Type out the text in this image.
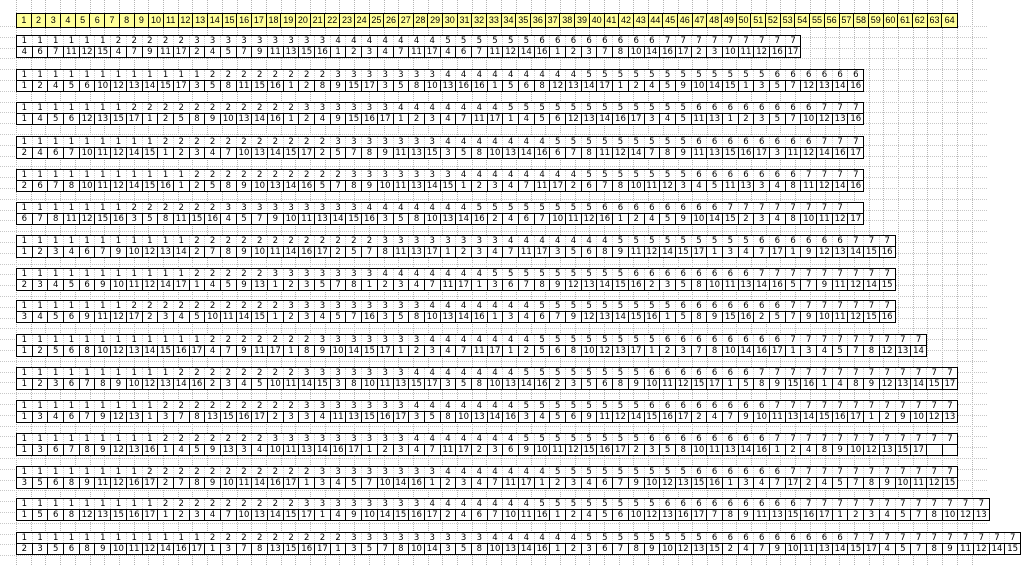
1	2	3	4	5	6	7	8	9 10 11 12 13 14 15 16 17 18 19 20 21 22 23 24 25 26 27 28 29 30 31 32 33 34 35 36 37 38 39 40 41 42 43 44 45 46 47 48 49 50 51 52 53 54 55 56 57 58 59 60 61 62 63 64
1	1	1	1	1	1	2	2	2	2	2	3	3	3	3	3	3	3	3	3	4	4	4	4	4	4	4	5	5	5	5	5	5	6	6	6	6	6	6	6	6	7	7	7	7	7	7	7	7	7
4	6	7	11	12	15	4	7	9	11	17	2	4	5	7	9	11	13	15	16	1	2	3	4	7	11	17	4	6	7	11	12	14	16	1	2	3	7	8	10	14	16	17	2	3	10	11	12	16	17
1	1	1	1	1	1	1	1	1	1	1	1	2	2	2	2	2	2	2	2	3	3	3	3	3	3	3	4	4	4	4	4	4	4	4	4	5	5	5	5	5	5	5	5	5	5	5	5	6	6	6	6	6	6
1	2	4	5	6	10	12	13	14	15	17	3	5	8	11	15	16	1	2	8	9	15	17	3	5	8	10	13	16	16	1	5	6	8	12	13	14	17	1	2	4	5	9	10	14	15	1	3	5	7	12	13	14	16
1	1	1	1	1	1	1	2	2	2	2	2	2	2	2	2	2	2	3	3	3	3	3	3	4	4	4	4	4	4	4	5	5	5	5	5	5	5	5	5	5	5	5	6	6	6	6	6	6	6	6	7	7	7
1	4	5	6	12	13	15	17	1	2	5	8	9	10	13	14	16	1	2	4	9	15	16	17	1	2	3	4	7	11	17	1	4	5	6	12	13	14	16	17	3	4	5	11	13	1	2	3	5	7	10	12	13	16
1	1	1	1	1	1	1	1	1	2	2	2	2	2	2	2	2	2	2	2	3	3	3	3	3	3	3	4	4	4	4	4	4	4	5	5	5	5	5	5	5	5	5	6	6	6	6	6	6	6	6	7	7	7
2	4	6	7	10	11	12	14	15	1	2	3	4	7	10	13	14	15	17	2	5	7	8	9	11	13	15	3	5	8	10	13	14	16	6	7	8	11	12	14	7	8	9	11	13	15	16	17	3	11	12	14	16	17
1	1	1	1	1	1	1	1	1	1	1	2	2	2	2	2	2	2	2	2	2	3	3	3	3	3	3	3	4	4	4	4	4	4	4	4	5	5	5	5	5	5	5	6	6	6	6	6	6	6	7	7	7	7
2	6	7	8	10	11	12	14	15	16	1	2	5	8	9	10	13	14	16	5	7	8	9	10	11	13	14	15	1	2	3	4	7	11	17	2	6	7	8	10	11	12	3	4	5	11	13	3	4	8	11	12	14	16
1	1	1	1	1	1	1	2	2	2	2	2	2	3	3	3	3	3	3	3	3	3	4	4	4	4	4	4	4	5	5	5	5	5	5	5	5	6	6	6	6	6	6	6	6	7	7	7	7	7	7	7	7	
6	7	8	11	12	15	16	3	5	8	11	15	16	4	5	7	9	10	11	13	14	15	16	3	5	8	10	13	14	16	2	4	6	7	10	11	12	16	1	2	4	5	9	10	14	15	2	3	4	8	10	11	12	17
1	1	1	1	1	1	1	1	1	1	1	2	2	2	2	2	2	2	2	2	2	2	2	3	3	3	3	3	3	3	3	4	4	4	4	4	4	4	5	5	5	5	5	5	5	5	5	6	6	6	6	6	6	7	7	7
1	2	3	4	6	7	9	10	12	13	14	2	7	8	9	10	11	14	16	17	2	5	7	8	11	13	17	1	2	3	4	7	11	17	3	5	6	8	9	11	12	14	15	17	1	3	4	7	17	1	9	12	13	14	15	16
1	1	1	1	1	1	1	1	1	1	1	2	2	2	2	2	3	3	3	3	3	3	3	4	4	4	4	4	4	4	5	5	5	5	5	5	5	5	5	6	6	6	6	6	6	6	6	7	7	7	7	7	7	7	7	7
2	3	4	5	6	9	10	11	12	14	17	1	4	5	9	13	1	2	3	5	7	8	1	2	3	4	7	11	17	1	3	6	7	8	9	12	13	14	15	16	2	3	5	8	10	11	13	14	16	5	7	9	11	12	14	15
1	1	1	1	1	1	1	2	2	2	2	2	2	2	2	2	2	3	3	3	3	3	3	3	3	3	4	4	4	4	4	4	4	5	5	5	5	5	5	5	5	5	6	6	6	6	6	6	6	7	7	7	7	7	7	7
3	4	5	6	9	11	12	17	2	3	4	5	10	11	14	15	1	2	3	4	5	7	16	3	5	8	10	13	14	16	1	3	4	6	7	9	12	13	14	15	16	1	5	8	9	15	16	2	5	7	9	10	11	12	15	16
1	1	1	1	1	1	1	1	1	1	1	1	2	2	2	2	2	2	2	3	3	3	3	3	3	3	4	4	4	4	4	4	4	5	5	5	5	5	5	5	5	6	6	6	6	6	6	6	6	7	7	7	7	7	7	7	7	7
1	2	5	6	8	10	12	13	14	15	16	17	4	7	9	11	17	1	8	9	10	14	15	17	1	2	3	4	7	11	17	1	2	5	6	8	10	12	13	17	1	2	3	7	8	10	14	16	17	1	3	4	5	7	8	12	13	14
1	1	1	1	1	1	1	1	1	1	2	2	2	2	2	2	2	2	3	3	3	3	3	3	3	4	4	4	4	4	4	4	5	5	5	5	5	5	5	5	6	6	6	6	6	6	6	7	7	7	7	7	7	7	7	7	7	7	7	7
1	2	3	6	7	8	9	10	12	13	14	16	2	3	4	5	10	11	14	15	3	8	10	11	13	15	17	3	5	8	10	13	14	16	2	3	5	6	8	9	10	11	12	15	17	1	5	8	9	15	16	1	4	8	9	12	13	14	15	17
1	1	1	1	1	1	1	1	1	2	2	2	2	2	2	2	2	2	3	3	3	3	3	3	3	4	4	4	4	4	4	4	5	5	5	5	5	5	5	5	6	6	6	6	6	6	6	6	7	7	7	7	7	7	7	7	7	7	7	7
1	3	4	6	7	9	12	13	1	3	7	8	13	15	16	17	2	3	3	4	11	13	15	16	17	3	5	8	10	13	14	16	3	4	5	6	9	11	12	14	15	16	17	2	4	7	9	10	11	13	14	15	16	17	1	2	9	10	12	13
1	1	1	1	1	1	1	1	1	2	2	2	2	2	2	2	3	3	3	3	3	3	3	3	3	4	4	4	4	4	4	4	5	5	5	5	5	5	5	5	6	6	6	6	6	6	6	6	7	7	7	7	7	7	7	7	7	7	7	7
1	3	6	7	8	9	12	13	16	1	4	5	9	13	3	4	10	11	13	14	16	17	1	2	3	4	7	11	17	2	3	6	9	10	11	12	15	16	17	2	3	5	8	10	11	13	14	16	1	2	4	8	9	10	12	13	15	17		
1	1	1	1	1	1	1	1	2	2	2	2	2	2	2	2	2	2	2	3	3	3	3	3	3	3	3	4	4	4	4	4	4	4	5	5	5	5	5	5	5	5	5	6	6	6	6	6	6	7	7	7	7	7	7	7	7	7	7	7
3	5	6	8	9	11	12	16	17	2	7	8	9	10	11	14	16	17	1	3	4	5	7	10	14	16	1	2	3	4	7	11	17	1	2	3	4	6	7	9	10	12	13	15	16	1	3	4	7	17	2	4	5	7	8	9	10	11	12	15
1	1	1	1	1	1	1	1	1	2	2	2	2	2	2	2	2	2	3	3	3	3	3	3	3	3	4	4	4	4	4	4	4	5	5	5	5	5	5	5	5	6	6	6	6	6	6	6	6	6	7	7	7	7	7	7	7	7	7	7	7	7
1	5	6	8	12	13	15	16	17	1	2	3	4	7	10	13	14	15	17	1	4	9	10	14	15	16	17	2	4	6	7	10	11	16	1	2	4	5	6	10	12	13	16	17	7	8	9	11	13	15	16	17	1	2	3	4	5	7	8	10	12	13
1	1	1	1	1	1	1	1	1	1	1	1	2	2	2	2	2	2	2	2	2	3	3	3	3	3	3	3	3	3	4	4	4	4	4	4	5	5	5	5	5	5	5	5	6	6	6	6	6	6	6	6	6	7	7	7	7	7	7	7	7	7	7	7
2	3	5	6	8	9	10	11	12	14	16	17	1	3	7	8	13	15	16	17	1	3	5	7	8	10	14	3	5	8	10	13	14	16	1	2	3	6	7	8	9	10	12	13	15	2	4	7	9	10	11	13	14	15	17	4	5	7	8	9	11	12	14	15
